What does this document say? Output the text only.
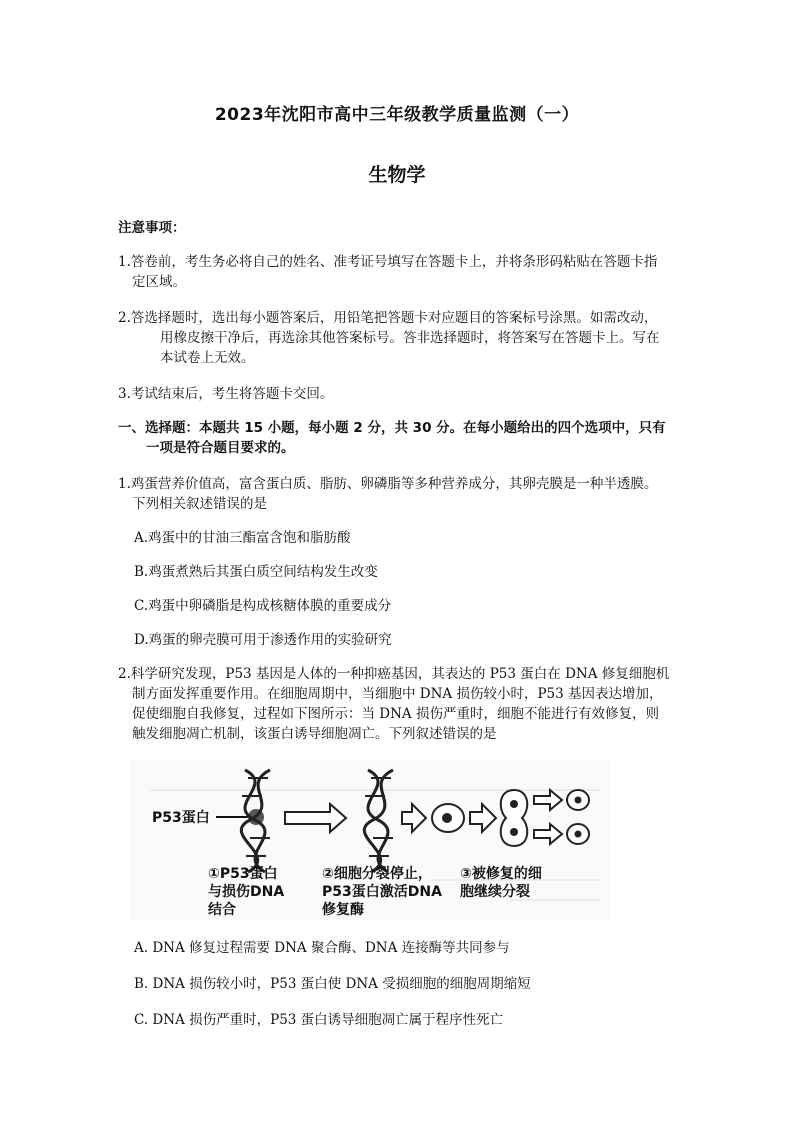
2023年沈阳市高中三年级教学质量监测（一）
生物学
注意事项：
1.答卷前，考生务必将自己的姓名、准考证号填写在答题卡上，并将条形码粘贴在答题卡指
定区域。
2.答选择题时，选出每小题答案后，用铅笔把答题卡对应题目的答案标号涂黑。如需改动，
用橡皮擦干净后，再选涂其他答案标号。答非选择题时，将答案写在答题卡上。写在
本试卷上无效。
3.考试结束后，考生将答题卡交回。
一、选择题：本题共 15 小题，每小题 2 分，共 30 分。在每小题给出的四个选项中，只有
一项是符合题目要求的。
1.鸡蛋营养价值高，富含蛋白质、脂肪、卵磷脂等多种营养成分，其卵壳膜是一种半透膜。
下列相关叙述错误的是
A.鸡蛋中的甘油三酯富含饱和脂肪酸
B.鸡蛋煮熟后其蛋白质空间结构发生改变
C.鸡蛋中卵磷脂是构成核糖体膜的重要成分
D.鸡蛋的卵壳膜可用于渗透作用的实验研究
2.科学研究发现，P53 基因是人体的一种抑癌基因，其表达的 P53 蛋白在 DNA 修复细胞机
制方面发挥重要作用。在细胞周期中，当细胞中 DNA 损伤较小时，P53 基因表达增加，
促使细胞自我修复，过程如下图所示：当 DNA 损伤严重时，细胞不能进行有效修复，则
触发细胞凋亡机制，该蛋白诱导细胞凋亡。下列叙述错误的是
P53蛋白
①P53蛋白
与损伤DNA
结合
②细胞分裂停止，
P53蛋白激活DNA
修复酶
③被修复的细
胞继续分裂
A. DNA 修复过程需要 DNA 聚合酶、DNA 连接酶等共同参与
B. DNA 损伤较小时，P53 蛋白使 DNA 受损细胞的细胞周期缩短
C. DNA 损伤严重时，P53 蛋白诱导细胞凋亡属于程序性死亡
